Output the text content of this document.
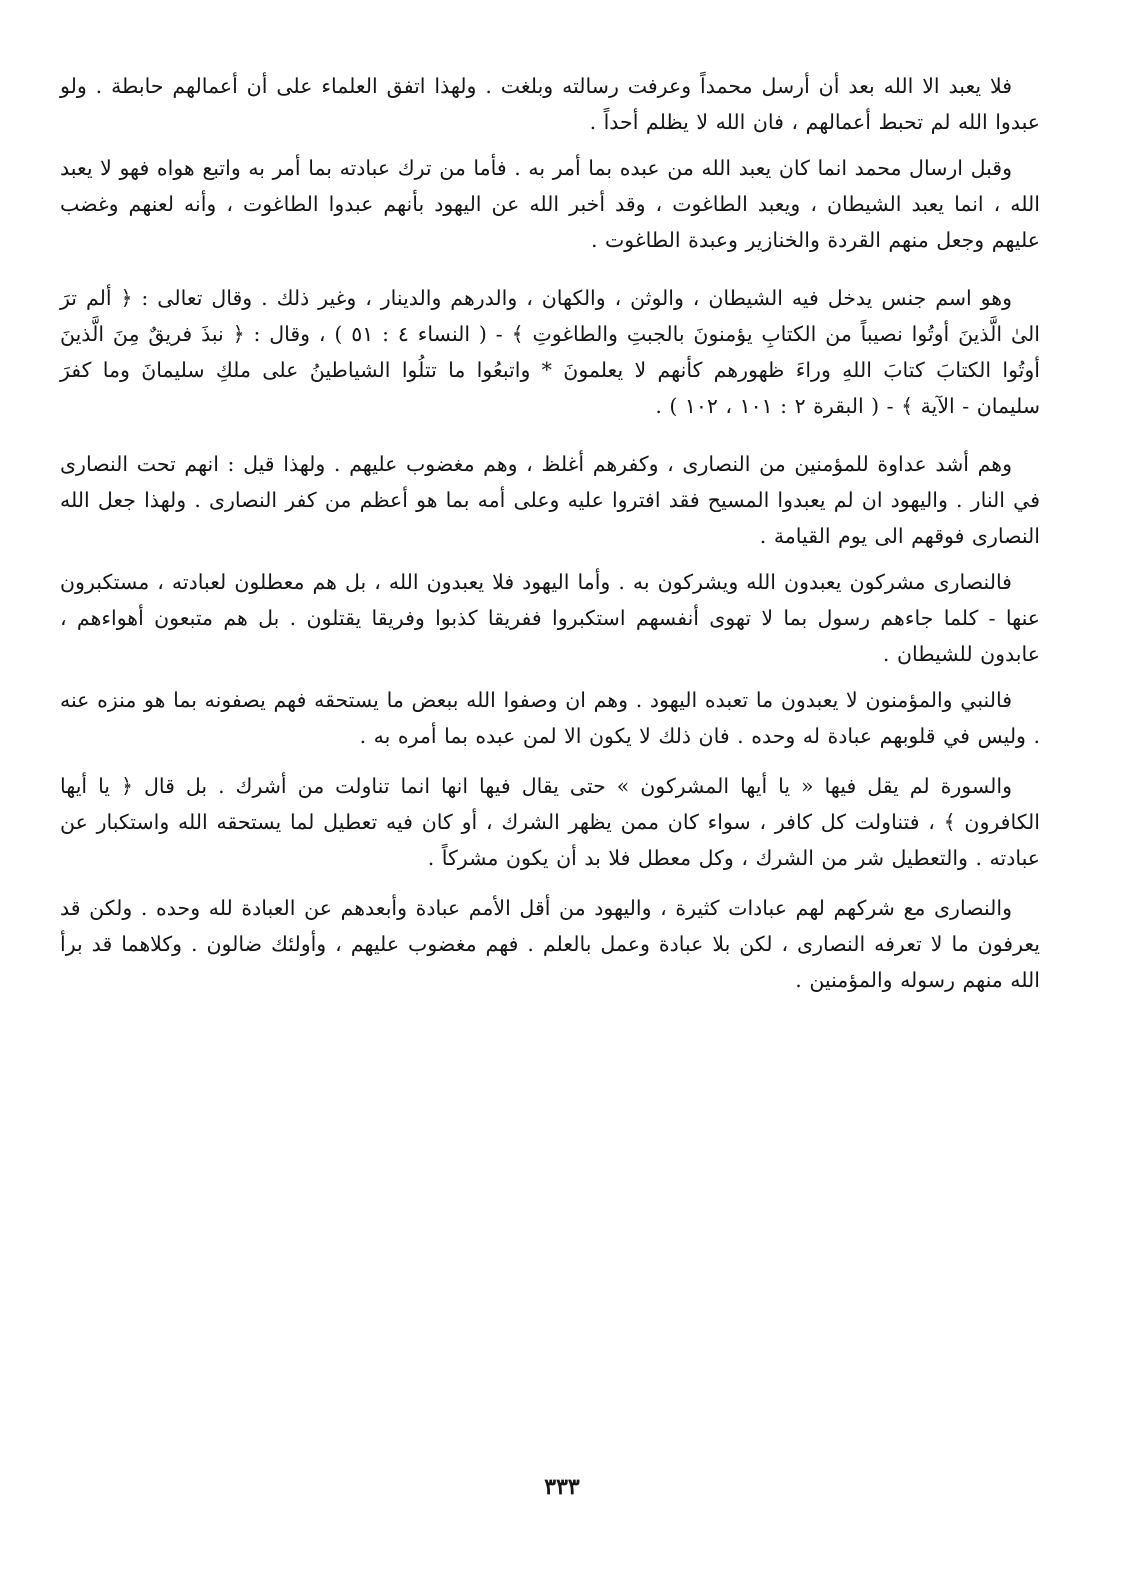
فلا يعبد الا الله بعد أن أرسل محمداً وعرفت رسالته وبلغت . ولهذا اتفق العلماء على أن أعمالهم حابطة . ولو عبدوا الله لم تحبط أعمالهم ، فان الله لا يظلم أحداً .

وقبل ارسال محمد انما كان يعبد الله من عبده بما أمر به . فأما من ترك عبادته بما أمر به واتبع هواه فهو لا يعبد الله ، انما يعبد الشيطان ، ويعبد الطاغوت ، وقد أخبر الله عن اليهود بأنهم عبدوا الطاغوت ، وأنه لعنهم وغضب عليهم وجعل منهم القردة والخنازير وعبدة الطاغوت .

وهو اسم جنس يدخل فيه الشيطان ، والوثن ، والكهان ، والدرهم والدينار ، وغير ذلك . وقال تعالى : ﴿ ألم ترَ الىٰ الَّذينَ أوتُوا نصيباً من الكتابِ يؤمنونَ بالجبتِ والطاغوتِ ﴾ - ( النساء ٤ : ٥١ ) ، وقال : ﴿ نبذَ فريقٌ مِنَ الَّذينَ أوتُوا الكتابَ كتابَ اللهِ وراءَ ظهورهم كأنهم لا يعلمونَ * واتبعُوا ما تتلُوا الشياطينُ على ملكِ سليمانَ وما كفرَ سليمان - الآية ﴾ - ( البقرة ٢ : ١٠١ ، ١٠٢ ) .

وهم أشد عداوة للمؤمنين من النصارى ، وكفرهم أغلظ ، وهم مغضوب عليهم . ولهذا قيل : انهم تحت النصارى في النار . واليهود ان لم يعبدوا المسيح فقد افتروا عليه وعلى أمه بما هو أعظم من كفر النصارى . ولهذا جعل الله النصارى فوقهم الى يوم القيامة .

فالنصارى مشركون يعبدون الله ويشركون به . وأما اليهود فلا يعبدون الله ، بل هم معطلون لعبادته ، مستكبرون عنها - كلما جاءهم رسول بما لا تهوى أنفسهم استكبروا ففريقا كذبوا وفريقا يقتلون . بل هم متبعون أهواءهم ، عابدون للشيطان .

فالنبي والمؤمنون لا يعبدون ما تعبده اليهود . وهم ان وصفوا الله ببعض ما يستحقه فهم يصفونه بما هو منزه عنه . وليس في قلوبهم عبادة له وحده . فان ذلك لا يكون الا لمن عبده بما أمره به .

والسورة لم يقل فيها « يا أيها المشركون » حتى يقال فيها انها انما تناولت من أشرك . بل قال ﴿ يا أيها الكافرون ﴾ ، فتناولت كل كافر ، سواء كان ممن يظهر الشرك ، أو كان فيه تعطيل لما يستحقه الله واستكبار عن عبادته . والتعطيل شر من الشرك ، وكل معطل فلا بد أن يكون مشركاً .

والنصارى مع شركهم لهم عبادات كثيرة ، واليهود من أقل الأمم عبادة وأبعدهم عن العبادة لله وحده . ولكن قد يعرفون ما لا تعرفه النصارى ، لكن بلا عبادة وعمل بالعلم . فهم مغضوب عليهم ، وأولئك ضالون . وكلاهما قد برأ الله منهم رسوله والمؤمنين .

٣٣٣
